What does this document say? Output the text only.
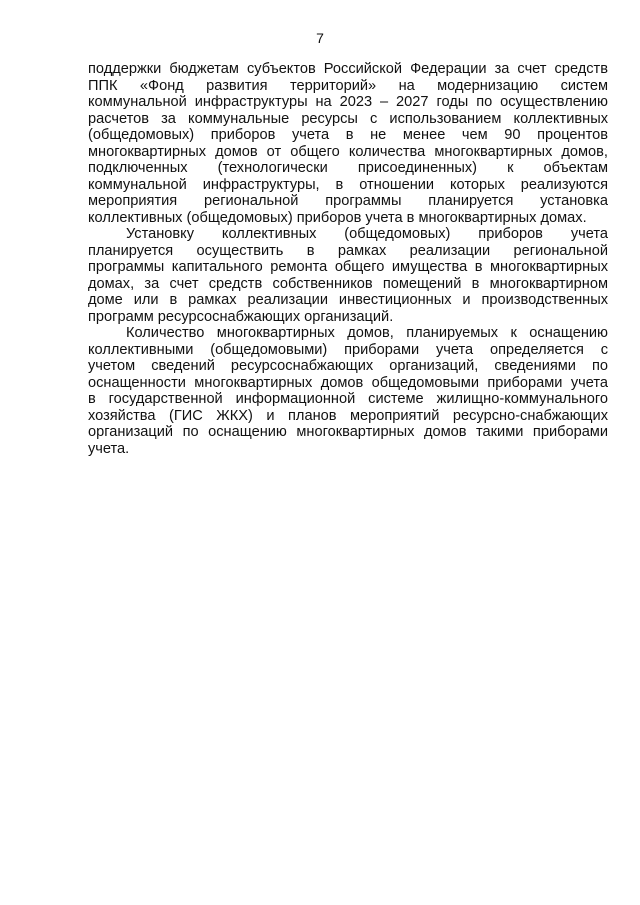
7
поддержки бюджетам субъектов Российской Федерации за счет средств
ППК «Фонд развития территорий» на модернизацию систем
коммунальной инфраструктуры на 2023 – 2027 годы по осуществлению
расчетов за коммунальные ресурсы с использованием коллективных
(общедомовых) приборов учета в не менее чем 90 процентов
многоквартирных домов от общего количества многоквартирных домов,
подключенных (технологически присоединенных) к объектам
коммунальной инфраструктуры, в отношении которых реализуются
мероприятия региональной программы планируется установка
коллективных (общедомовых) приборов учета в многоквартирных домах.
Установку коллективных (общедомовых) приборов учета
планируется осуществить в рамках реализации региональной
программы капитального ремонта общего имущества в многоквартирных
домах, за счет средств собственников помещений в многоквартирном
доме или в рамках реализации инвестиционных и производственных
программ ресурсоснабжающих организаций.
Количество многоквартирных домов, планируемых к оснащению
коллективными (общедомовыми) приборами учета определяется с
учетом сведений ресурсоснабжающих организаций, сведениями по
оснащенности многоквартирных домов общедомовыми приборами учета
в государственной информационной системе жилищно-коммунального
хозяйства (ГИС ЖКХ) и планов мероприятий ресурсно-снабжающих
организаций по оснащению многоквартирных домов такими приборами
учета.
